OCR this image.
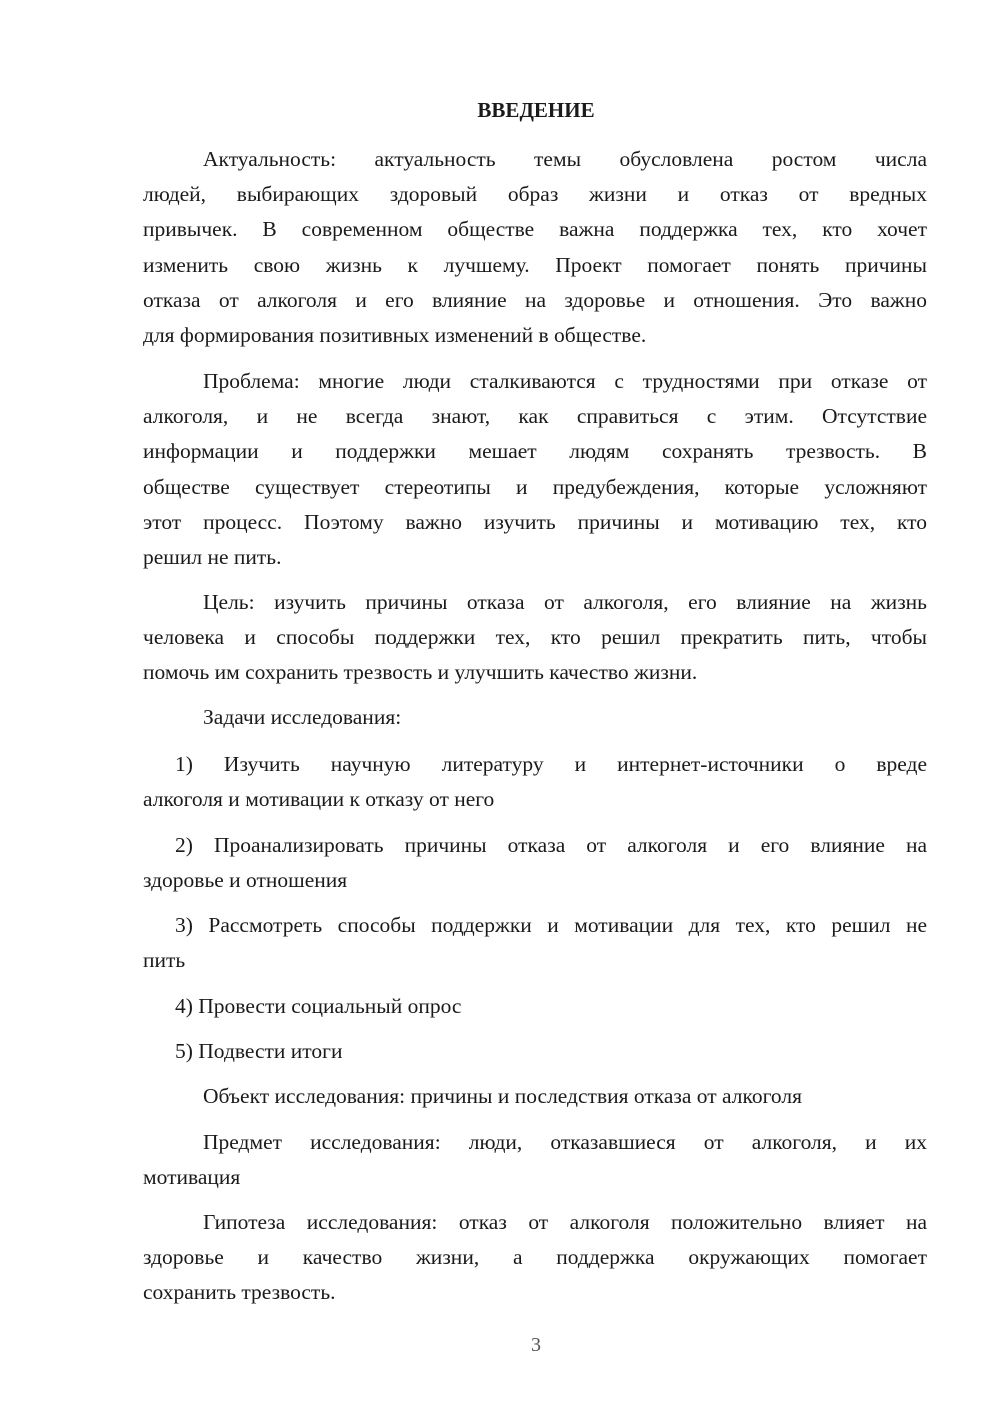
ВВЕДЕНИЕ
Актуальность: актуальность темы обусловлена ростом числа
людей, выбирающих здоровый образ жизни и отказ от вредных
привычек. В современном обществе важна поддержка тех, кто хочет
изменить свою жизнь к лучшему. Проект помогает понять причины
отказа от алкоголя и его влияние на здоровье и отношения. Это важно
для формирования позитивных изменений в обществе.
Проблема: многие люди сталкиваются с трудностями при отказе от
алкоголя, и не всегда знают, как справиться с этим. Отсутствие
информации и поддержки мешает людям сохранять трезвость. В
обществе существует стереотипы и предубеждения, которые усложняют
этот процесс. Поэтому важно изучить причины и мотивацию тех, кто
решил не пить.
Цель: изучить причины отказа от алкоголя, его влияние на жизнь
человека и способы поддержки тех, кто решил прекратить пить, чтобы
помочь им сохранить трезвость и улучшить качество жизни.
Задачи исследования:
1) Изучить научную литературу и интернет-источники о вреде
алкоголя и мотивации к отказу от него
2) Проанализировать причины отказа от алкоголя и его влияние на
здоровье и отношения
3) Рассмотреть способы поддержки и мотивации для тех, кто решил не
пить
4) Провести социальный опрос
5) Подвести итоги
Объект исследования: причины и последствия отказа от алкоголя
Предмет исследования: люди, отказавшиеся от алкоголя, и их
мотивация
Гипотеза исследования: отказ от алкоголя положительно влияет на
здоровье и качество жизни, а поддержка окружающих помогает
сохранить трезвость.
3
